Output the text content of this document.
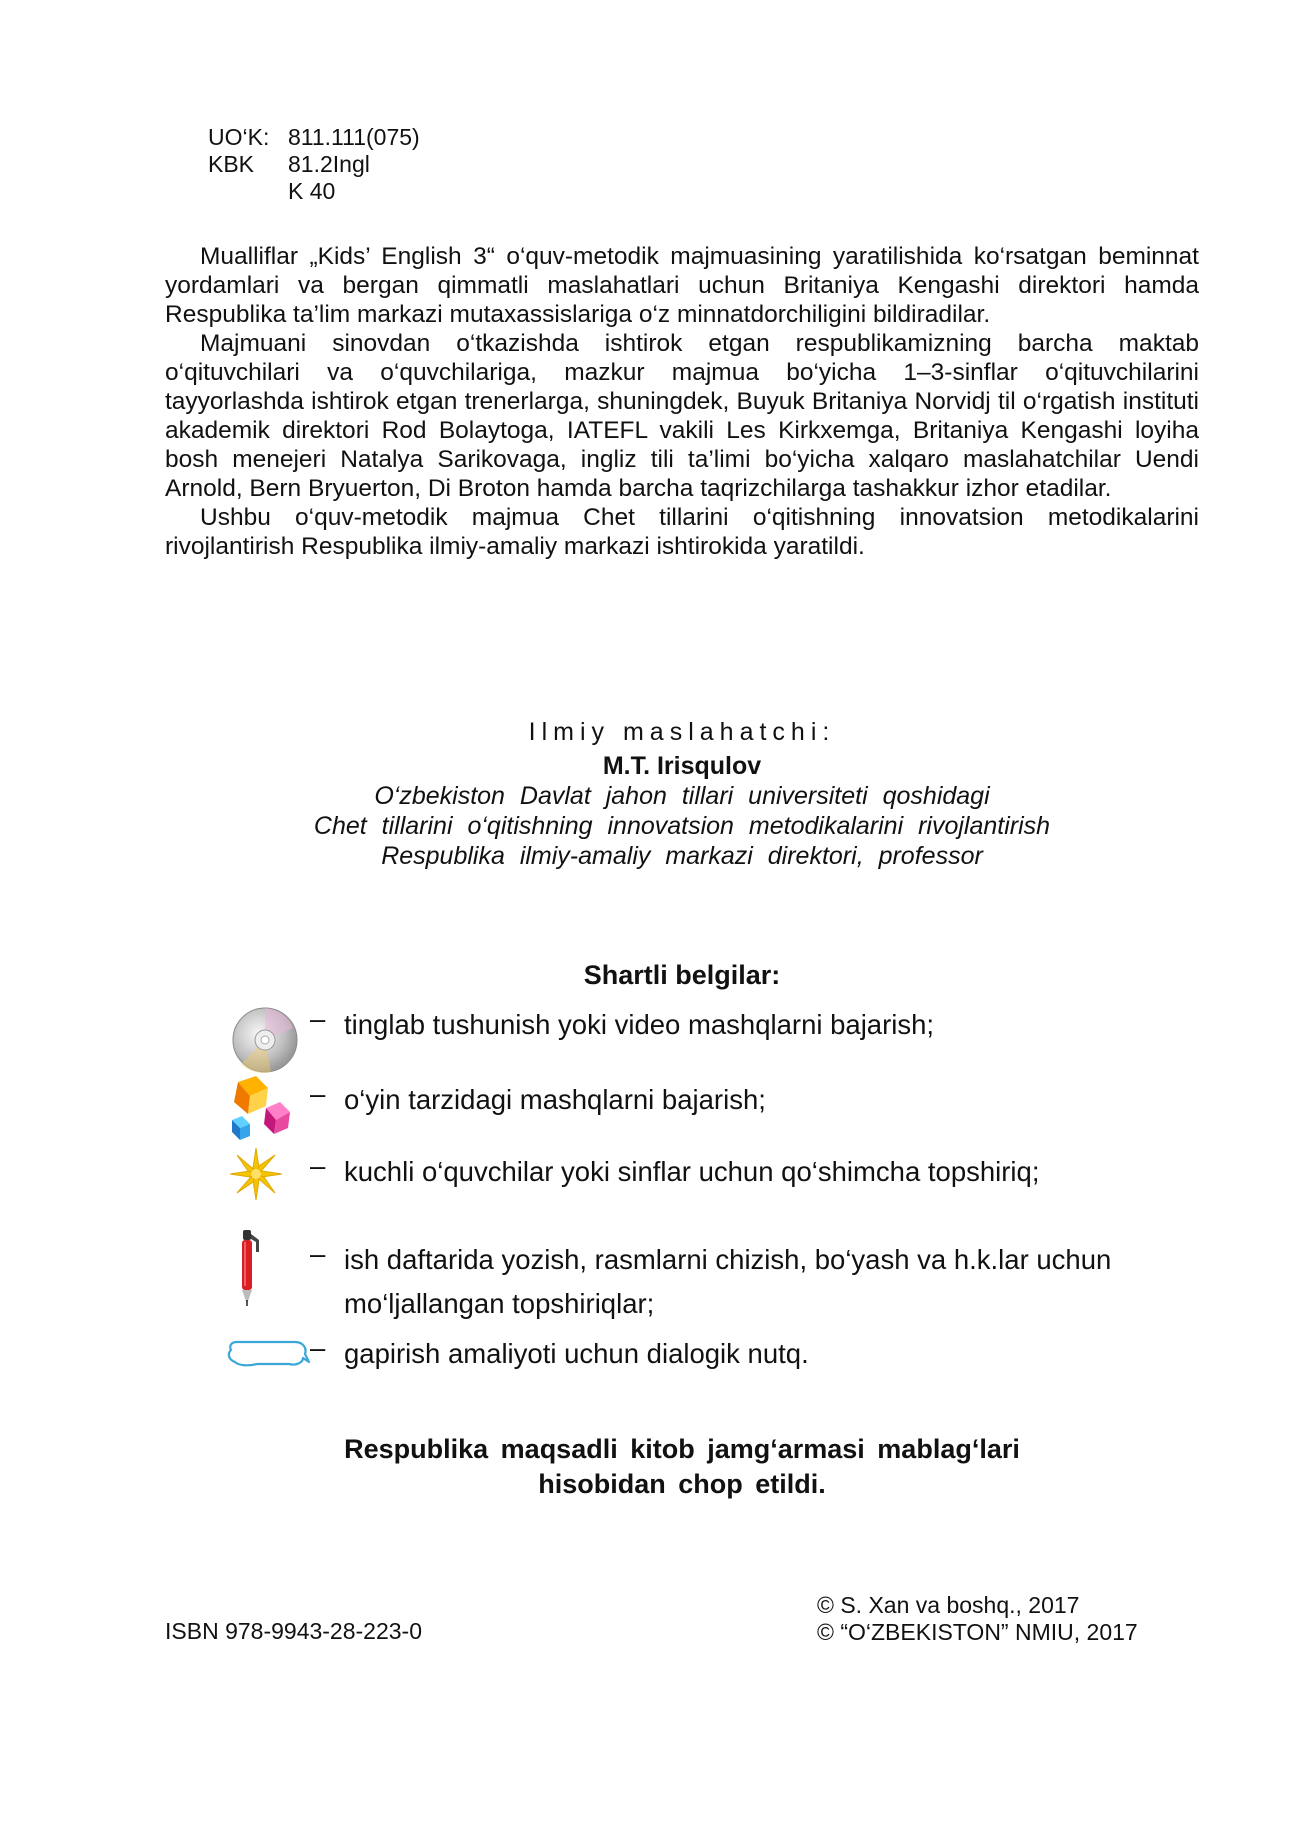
UO‘K: 811.111(075)
KBK	81.2Ingl
K 40

Mualliflar „Kids’ English 3“ o‘quv-metodik majmuasining yaratilishida ko‘rsatgan beminnat yordamlari va bergan qimmatli maslahatlari uchun Britaniya Kengashi direktori hamda Respublika ta’lim markazi mutaxassislariga o‘z minnatdorchiligini bildiradilar.

Majmuani sinovdan o‘tkazishda ishtirok etgan respublikamizning barcha maktab o‘qituvchilari va o‘quvchilariga, mazkur majmua bo‘yicha 1–3-sinflar o‘qituvchilarini tayyorlashda ishtirok etgan trenerlarga, shuningdek, Buyuk Britaniya Norvidj til o‘rgatish instituti akademik direktori Rod Bolaytoga, IATEFL vakili Les Kirkxemga, Britaniya Kengashi loyiha bosh menejeri Natalya Sarikovaga, ingliz tili ta’limi bo‘yicha xalqaro maslahatchilar Uendi Arnold, Bern Bryuerton, Di Broton hamda barcha taqrizchilarga tashakkur izhor etadilar.

Ushbu o‘quv-metodik majmua Chet tillarini o‘qitishning innovatsion metodikalarini rivojlantirish Respublika ilmiy-amaliy markazi ishtirokida yaratildi.

Ilmiy maslahatchi:
M.T. Irisqulov
O‘zbekiston Davlat jahon tillari universiteti qoshidagi
Chet tillarini o‘qitishning innovatsion metodikalarini rivojlantirish
Respublika ilmiy-amaliy markazi direktori, professor
Shartli belgilar:
– tinglab tushunish yoki video mashqlarni bajarish;
– o‘yin tarzidagi mashqlarni bajarish;
– kuchli o‘quvchilar yoki sinflar uchun qo‘shimcha topshiriq;
– ish daftarida yozish, rasmlarni chizish, bo‘yash va h.k.lar uchun mo‘ljallangan topshiriqlar;
– gapirish amaliyoti uchun dialogik nutq.
Respublika maqsadli kitob jamg‘armasi mablag‘lari
hisobidan chop etildi.
ISBN 978-9943-28-223-0
© S. Xan va boshq., 2017
© “O‘ZBEKISTON” NMIU, 2017
